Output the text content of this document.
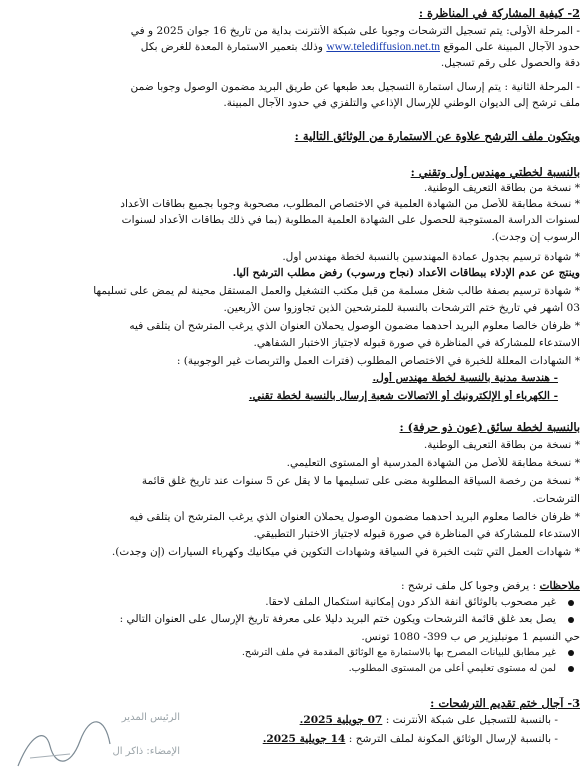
2- كيفية المشاركة في المناظرة :
- المرحلة الأولى: يتم تسجيل الترشحات وجوبا على شبكة الأنترنت بداية من تاريخ 16 جوان 2025 و في
حدود الآجال المبينة على الموقع www.telediffusion.net.tn وذلك بتعمير الاستمارة المعدة للغرض بكل
دقة والحصول على رقم تسجيل.
- المرحلة الثانية : يتم إرسال استمارة التسجيل بعد طبعها عن طريق البريد مضمون الوصول وجوبا ضمن
ملف ترشح إلى الديوان الوطني للإرسال الإذاعي والتلفزي في حدود الآجال المبينة.
ويتكون ملف الترشح علاوة عن الاستمارة من الوثائق التالية :
بالنسبة لخطتي مهندس أول وتقني :
* نسخة من بطاقة التعريف الوطنية.
* نسخة مطابقة للأصل من الشهادة العلمية في الاختصاص المطلوب، مصحوبة وجوبا بجميع بطاقات الأعداد
لسنوات الدراسة المستوجبة للحصول على الشهادة العلمية المطلوبة (بما في ذلك بطاقات الأعداد لسنوات
الرسوب إن وجدت).
* شهادة ترسيم بجدول عمادة المهندسين بالنسبة لخطة مهندس أول.
وينتج عن عدم الإدلاء ببطاقات الأعداد (نجاح ورسوب) رفض مطلب الترشح آليا.
* شهادة ترسيم بصفة طالب شغل مسلمة من قبل مكتب التشغيل والعمل المستقل محينة لم يمض على تسليمها
03 أشهر في تاريخ ختم الترشحات بالنسبة للمترشحين الذين تجاوزوا سن الأربعين.
* ظرفان خالصا معلوم البريد أحدهما مضمون الوصول يحملان العنوان الذي يرغب المترشح أن يتلقى فيه
الاستدعاء للمشاركة في المناظرة في صورة قبوله لاجتياز الاختبار الشفاهي.
* الشهادات المعللة للخبرة في الاختصاص المطلوب (فترات العمل والتربصات غير الوجوبية) :
- هندسة مدنية بالنسبة لخطة مهندس أول.
- الكهرباء أو الإلكترونيك أو الاتصالات شعبة إرسال بالنسبة لخطة تقني.
بالنسبة لخطة سائق (عون ذو حرفة) :
* نسخة من بطاقة التعريف الوطنية.
* نسخة مطابقة للأصل من الشهادة المدرسية أو المستوى التعليمي.
* نسخة من رخصة السياقة المطلوبة مضى على تسليمها ما لا يقل عن 5 سنوات عند تاريخ غلق قائمة
الترشحات.
* ظرفان خالصا معلوم البريد أحدهما مضمون الوصول يحملان العنوان الذي يرغب المترشح أن يتلقى فيه
الاستدعاء للمشاركة في المناظرة في صورة قبوله لاجتياز الاختبار التطبيقي.
* شهادات العمل التي تثبت الخبرة في السياقة وشهادات التكوين في ميكانيك وكهرباء السيارات (إن وجدت).
ملاحظات : يرفض وجوبا كل ملف ترشح :
غير مصحوب بالوثائق آنفة الذكر دون إمكانية استكمال الملف لاحقا.
يصل بعد غلق قائمة الترشحات ويكون ختم البريد دليلا على معرفة تاريخ الإرسال على العنوان التالي :
حي النسيم 1 مونبليزير ص ب 399- 1080 تونس.
غير مطابق للبيانات المصرح بها بالاستمارة مع الوثائق المقدمة في ملف الترشح.
لمن له مستوى تعليمي أعلى من المستوى المطلوب.
3- آجال ختم تقديم الترشحات :
- بالنسبة للتسجيل على شبكة الأنترنت : 07 جويلية 2025.
- بالنسبة لإرسال الوثائق المكونة لملف الترشح : 14 جويلية 2025.
الرئيس المدير
الإمضاء: ذاكر ال
